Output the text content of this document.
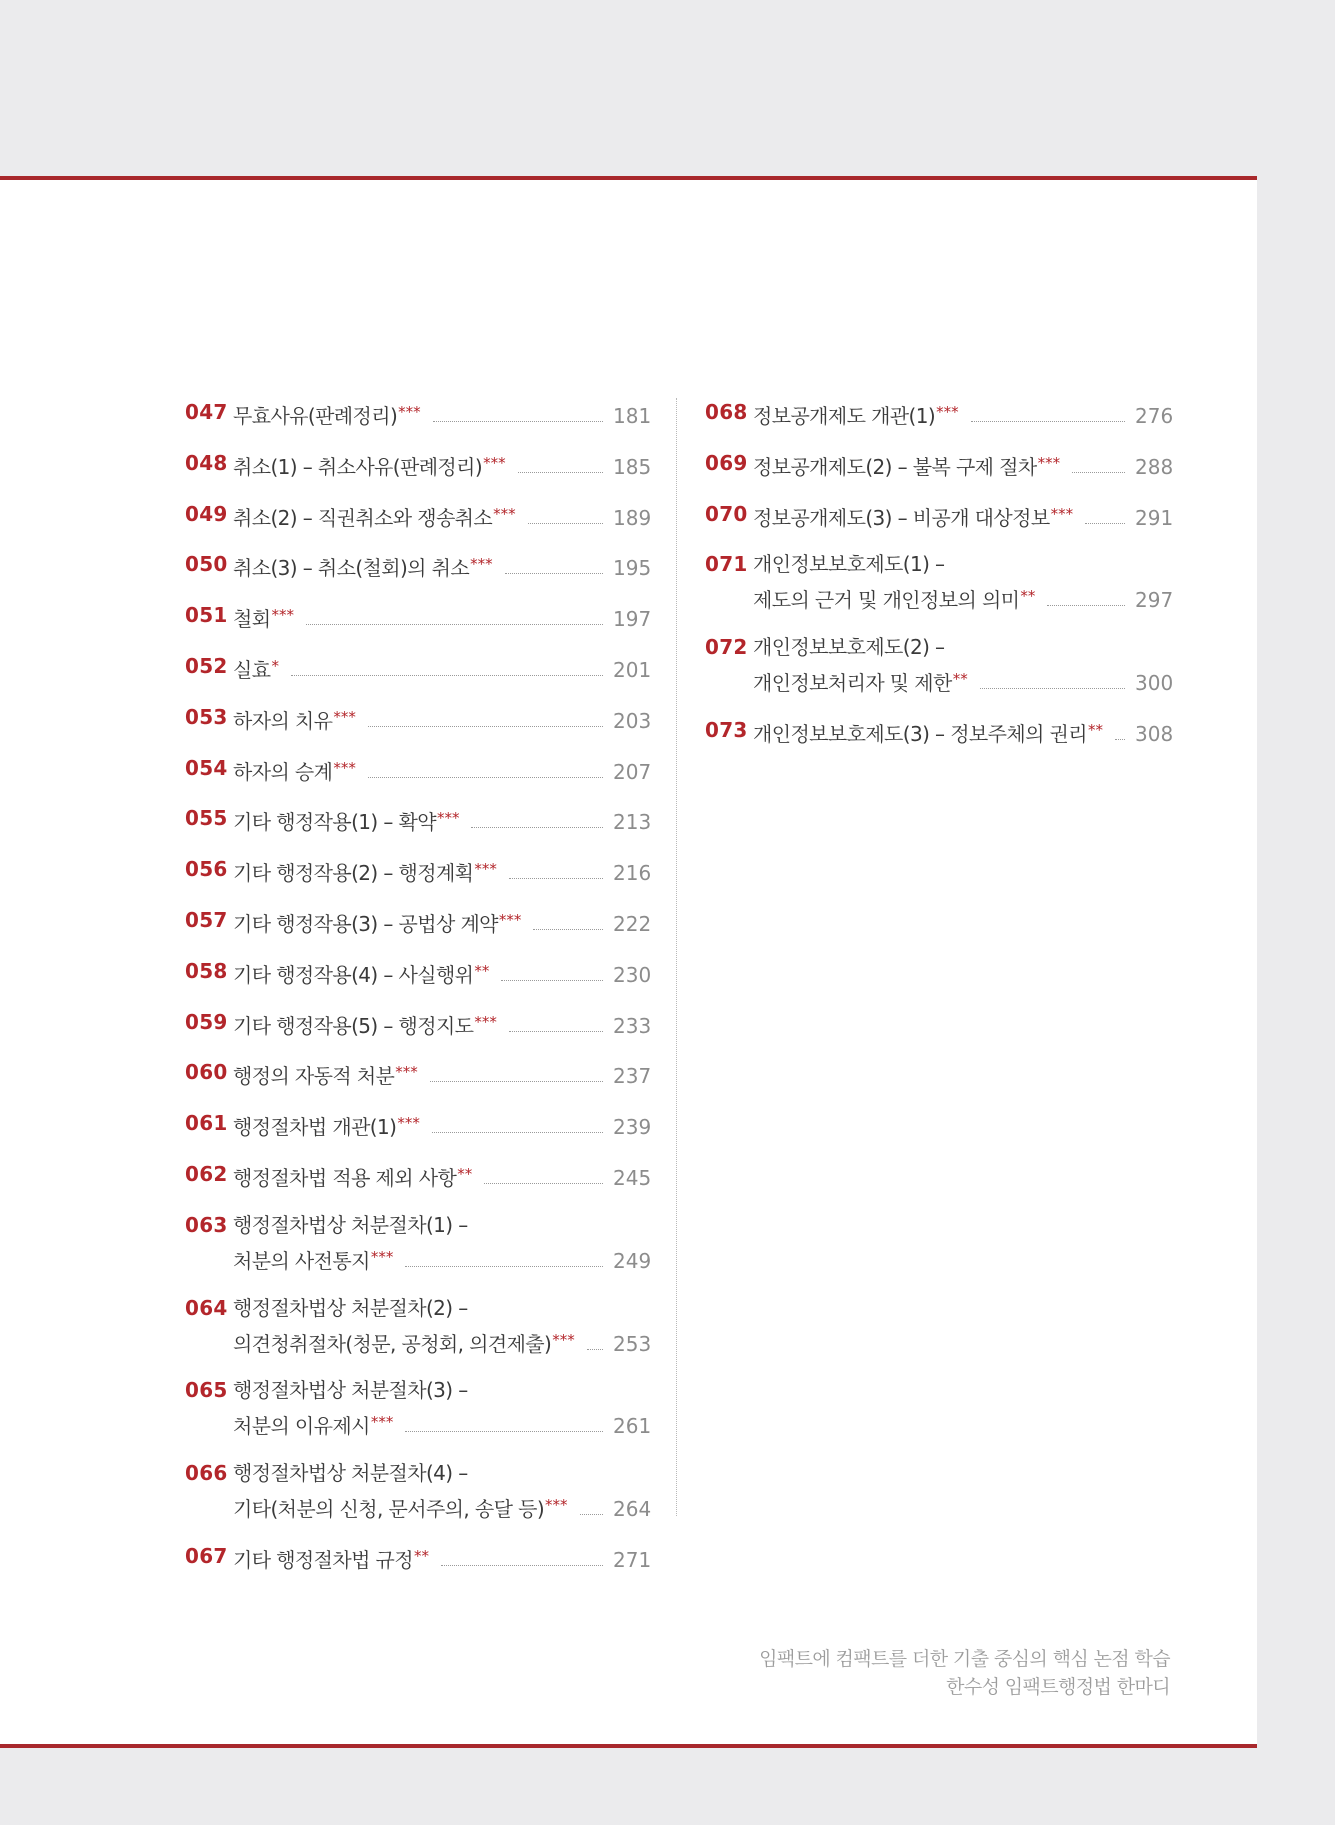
047 무효사유(판례정리)***	181
048 취소(1) – 취소사유(판례정리)***	185
049 취소(2) – 직권취소와 쟁송취소***	189
050 취소(3) – 취소(철회)의 취소***	195
051 철회***	197
052 실효*	201
053 하자의 치유***	203
054 하자의 승계***	207
055 기타 행정작용(1) – 확약***	213
056 기타 행정작용(2) – 행정계획***	216
057 기타 행정작용(3) – 공법상 계약***	222
058 기타 행정작용(4) – 사실행위**	230
059 기타 행정작용(5) – 행정지도***	233
060 행정의 자동적 처분***	237
061 행정절차법 개관(1)***	239
062 행정절차법 적용 제외 사항**	245
063 행정절차법상 처분절차(1) –
처분의 사전통지***	249
064 행정절차법상 처분절차(2) –
의견청취절차(청문, 공청회, 의견제출)*** 253
065 행정절차법상 처분절차(3) –
처분의 이유제시***	261
066 행정절차법상 처분절차(4) –
기타(처분의 신청, 문서주의, 송달 등)*** 264
067 기타 행정절차법 규정**	271
068 정보공개제도 개관(1)***	276
069 정보공개제도(2) – 불복 구제 절차***	288
070 정보공개제도(3) – 비공개 대상정보***	291
071 개인정보보호제도(1) –
제도의 근거 및 개인정보의 의미**	297
072 개인정보보호제도(2) –
개인정보처리자 및 제한**	300
073 개인정보보호제도(3) – 정보주체의 권리** 308
임팩트에 컴팩트를 더한 기출 중심의 핵심 논점 학습
한수성 임팩트행정법 한마디
